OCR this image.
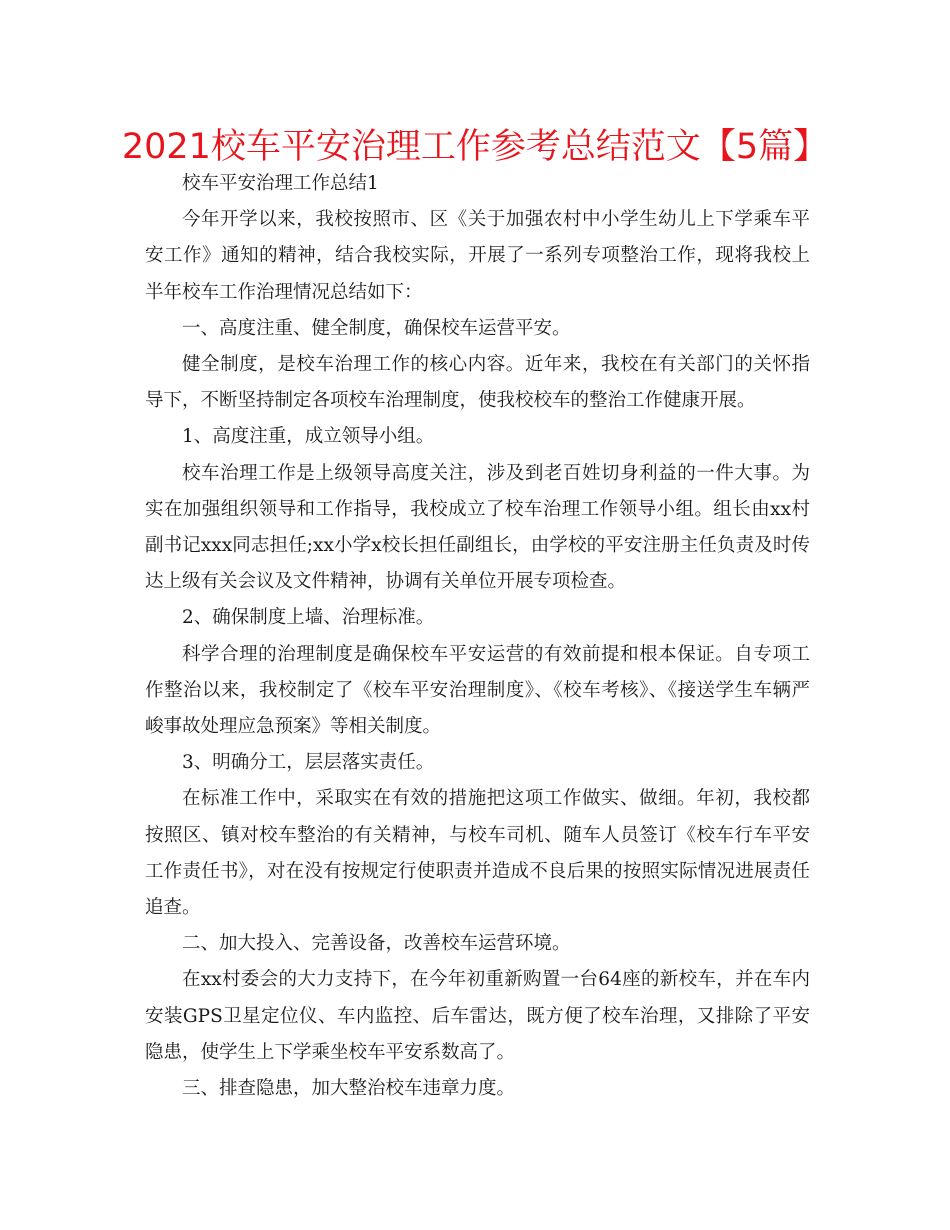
2021校车平安治理工作参考总结范文【5篇】

校车平安治理工作总结1

今年开学以来，我校按照市、区《关于加强农村中小学生幼儿上下学乘车平安工作》通知的精神，结合我校实际，开展了一系列专项整治工作，现将我校上半年校车工作治理情况总结如下：

一、高度注重、健全制度，确保校车运营平安。

健全制度，是校车治理工作的核心内容。近年来，我校在有关部门的关怀指导下，不断坚持制定各项校车治理制度，使我校校车的整治工作健康开展。

1、高度注重，成立领导小组。

校车治理工作是上级领导高度关注，涉及到老百姓切身利益的一件大事。为实在加强组织领导和工作指导，我校成立了校车治理工作领导小组。组长由xx村副书记xxx同志担任;xx小学x校长担任副组长，由学校的平安注册主任负责及时传达上级有关会议及文件精神，协调有关单位开展专项检查。

2、确保制度上墙、治理标准。

科学合理的治理制度是确保校车平安运营的有效前提和根本保证。自专项工作整治以来，我校制定了《校车平安治理制度》、《校车考核》、《接送学生车辆严峻事故处理应急预案》等相关制度。

3、明确分工，层层落实责任。

在标准工作中，采取实在有效的措施把这项工作做实、做细。年初，我校都按照区、镇对校车整治的有关精神，与校车司机、随车人员签订《校车行车平安工作责任书》，对在没有按规定行使职责并造成不良后果的按照实际情况进展责任追查。

二、加大投入、完善设备，改善校车运营环境。

在xx村委会的大力支持下，在今年初重新购置一台64座的新校车，并在车内安装GPS卫星定位仪、车内监控、后车雷达，既方便了校车治理，又排除了平安隐患，使学生上下学乘坐校车平安系数高了。

三、排查隐患，加大整治校车违章力度。
